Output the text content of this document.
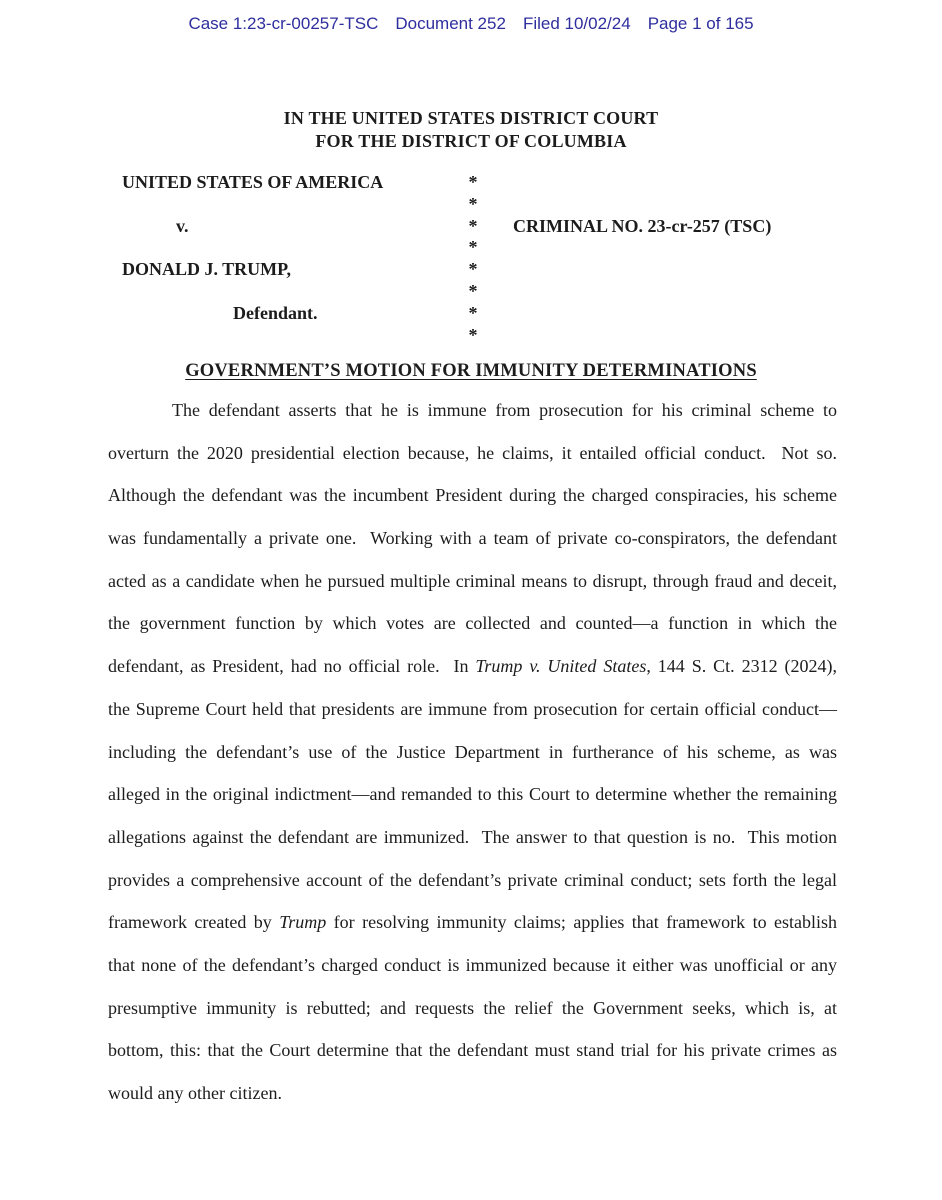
Case 1:23-cr-00257-TSC Document 252 Filed 10/02/24 Page 1 of 165
IN THE UNITED STATES DISTRICT COURT
FOR THE DISTRICT OF COLUMBIA
UNITED STATES OF AMERICA	*
*
v.	* CRIMINAL NO. 23-cr-257 (TSC)
*
DONALD J. TRUMP,	*
*
Defendant.	*
*
GOVERNMENT’S MOTION FOR IMMUNITY DETERMINATIONS
The defendant asserts that he is immune from prosecution for his criminal scheme to
overturn the 2020 presidential election because, he claims, it entailed official conduct.  Not so.
Although the defendant was the incumbent President during the charged conspiracies, his scheme
was fundamentally a private one.  Working with a team of private co-conspirators, the defendant
acted as a candidate when he pursued multiple criminal means to disrupt, through fraud and deceit,
the government function by which votes are collected and counted—a function in which the
defendant, as President, had no official role.  In Trump v. United States, 144 S. Ct. 2312 (2024),
the Supreme Court held that presidents are immune from prosecution for certain official conduct—
including the defendant’s use of the Justice Department in furtherance of his scheme, as was
alleged in the original indictment—and remanded to this Court to determine whether the remaining
allegations against the defendant are immunized.  The answer to that question is no.  This motion
provides a comprehensive account of the defendant’s private criminal conduct; sets forth the legal
framework created by Trump for resolving immunity claims; applies that framework to establish
that none of the defendant’s charged conduct is immunized because it either was unofficial or any
presumptive immunity is rebutted; and requests the relief the Government seeks, which is, at
bottom, this: that the Court determine that the defendant must stand trial for his private crimes as
would any other citizen.
